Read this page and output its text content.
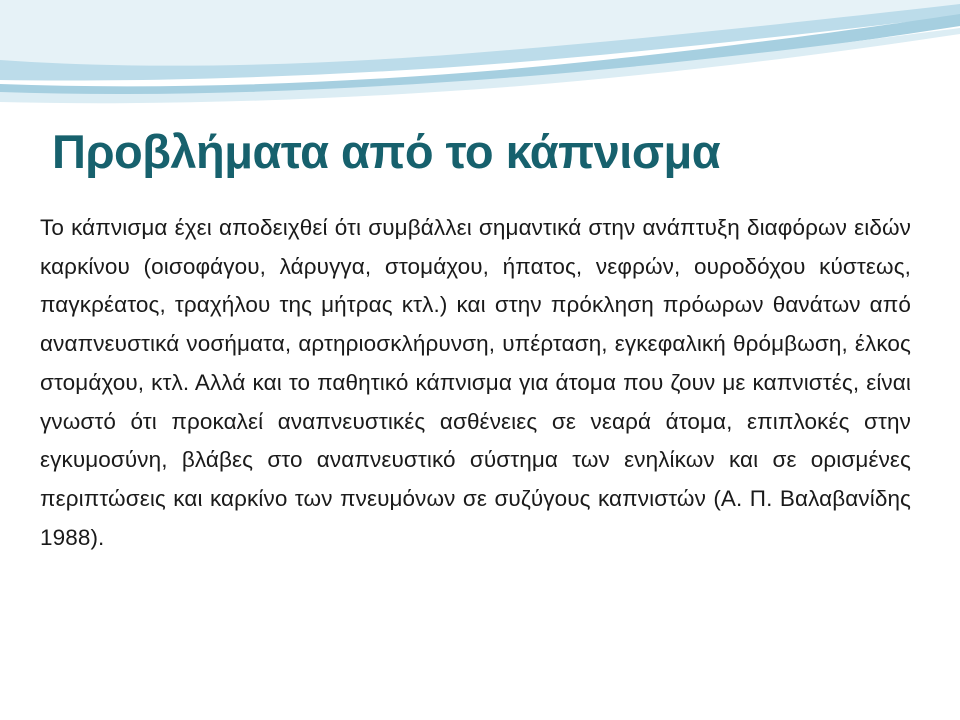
Προβλήματα από το κάπνισμα

Το κάπνισμα έχει αποδειχθεί ότι συμβάλλει σημαντικά στην ανάπτυξη διαφόρων ειδών καρκίνου (οισοφάγου, λάρυγγα, στομάχου, ήπατος, νεφρών, ουροδόχου κύστεως, παγκρέατος, τραχήλου της μήτρας κτλ.) και στην πρόκληση πρόωρων θανάτων από αναπνευστικά νοσήματα, αρτηριοσκλήρυνση, υπέρταση, εγκεφαλική θρόμβωση, έλκος στομάχου, κτλ. Αλλά και το παθητικό κάπνισμα για άτομα που ζουν με καπνιστές, είναι γνωστό ότι προκαλεί αναπνευστικές ασθένειες σε νεαρά άτομα, επιπλοκές στην εγκυμοσύνη, βλάβες στο αναπνευστικό σύστημα των ενηλίκων και σε ορισμένες περιπτώσεις και καρκίνο των πνευμόνων σε συζύγους καπνιστών (Α. Π. Βαλαβανίδης 1988).
